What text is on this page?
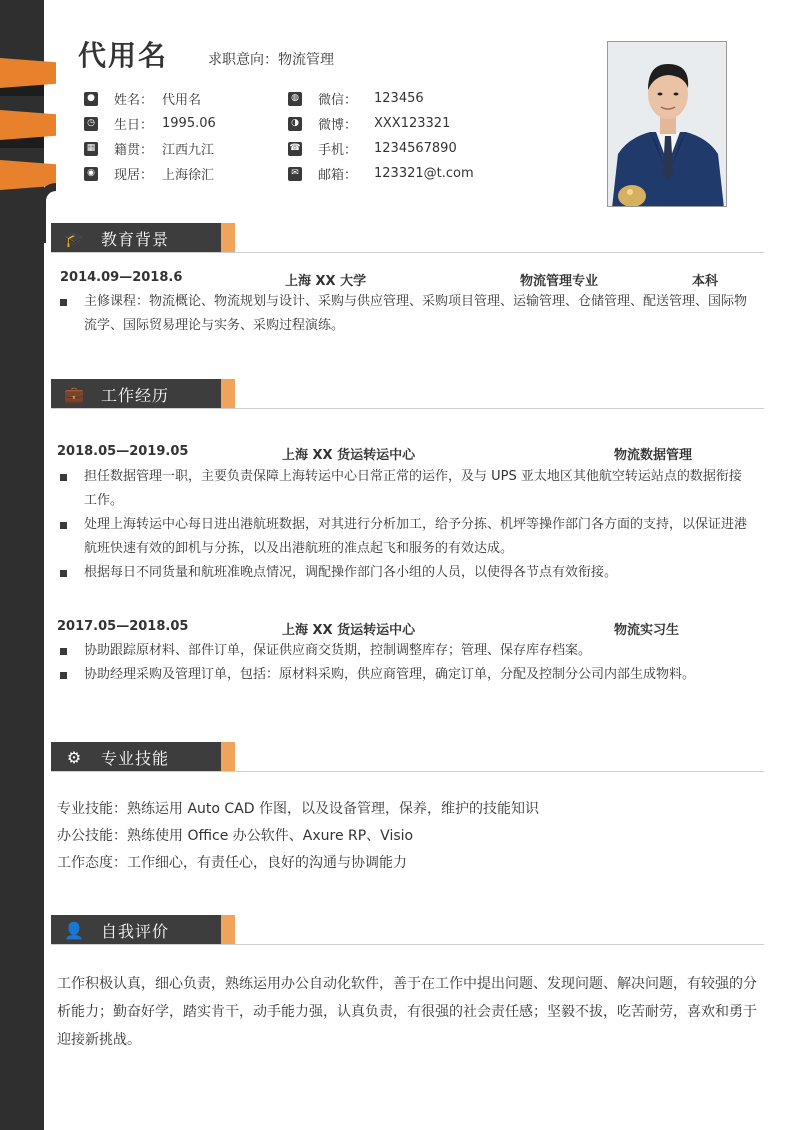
代用名	求职意向：物流管理
● 姓名： 代用名
◷ 生日： 1995.06
▦ 籍贯： 江西九江
◉ 现居： 上海徐汇
◍ 微信：	123456
◑ 微博：	XXX123321
☎ 手机：	1234567890
✉ 邮箱：	123321@t.com
🎓	教育背景
2014.09—2018.6	上海 XX 大学	物流管理专业	本科
主修课程：物流概论、物流规划与设计、采购与供应管理、采购项目管理、运输管理、仓储管理、配送管理、国际物流学、国际贸易理论与实务、采购过程演练。
💼	工作经历
2018.05—2019.05	上海 XX 货运转运中心	物流数据管理
担任数据管理一职，主要负责保障上海转运中心日常正常的运作，及与 UPS 亚太地区其他航空转运站点的数据衔接工作。
处理上海转运中心每日进出港航班数据，对其进行分析加工，给予分拣、机坪等操作部门各方面的支持，以保证进港航班快速有效的卸机与分拣，以及出港航班的准点起飞和服务的有效达成。
根据每日不同货量和航班准晚点情况，调配操作部门各小组的人员，以使得各节点有效衔接。
2017.05—2018.05	上海 XX 货运转运中心	物流实习生
协助跟踪原材料、部件订单，保证供应商交货期，控制调整库存；管理、保存库存档案。
协助经理采购及管理订单，包括：原材料采购，供应商管理，确定订单，分配及控制分公司内部生成物料。
⚙	专业技能
专业技能：熟练运用 Auto CAD 作图，以及设备管理，保养，维护的技能知识
办公技能：熟练使用 Office 办公软件、Axure RP、Visio
工作态度：工作细心，有责任心，良好的沟通与协调能力
👤	自我评价
工作积极认真，细心负责，熟练运用办公自动化软件，善于在工作中提出问题、发现问题、解决问题，有较强的分析能力；勤奋好学，踏实肯干，动手能力强，认真负责，有很强的社会责任感；坚毅不拔，吃苦耐劳，喜欢和勇于迎接新挑战。
